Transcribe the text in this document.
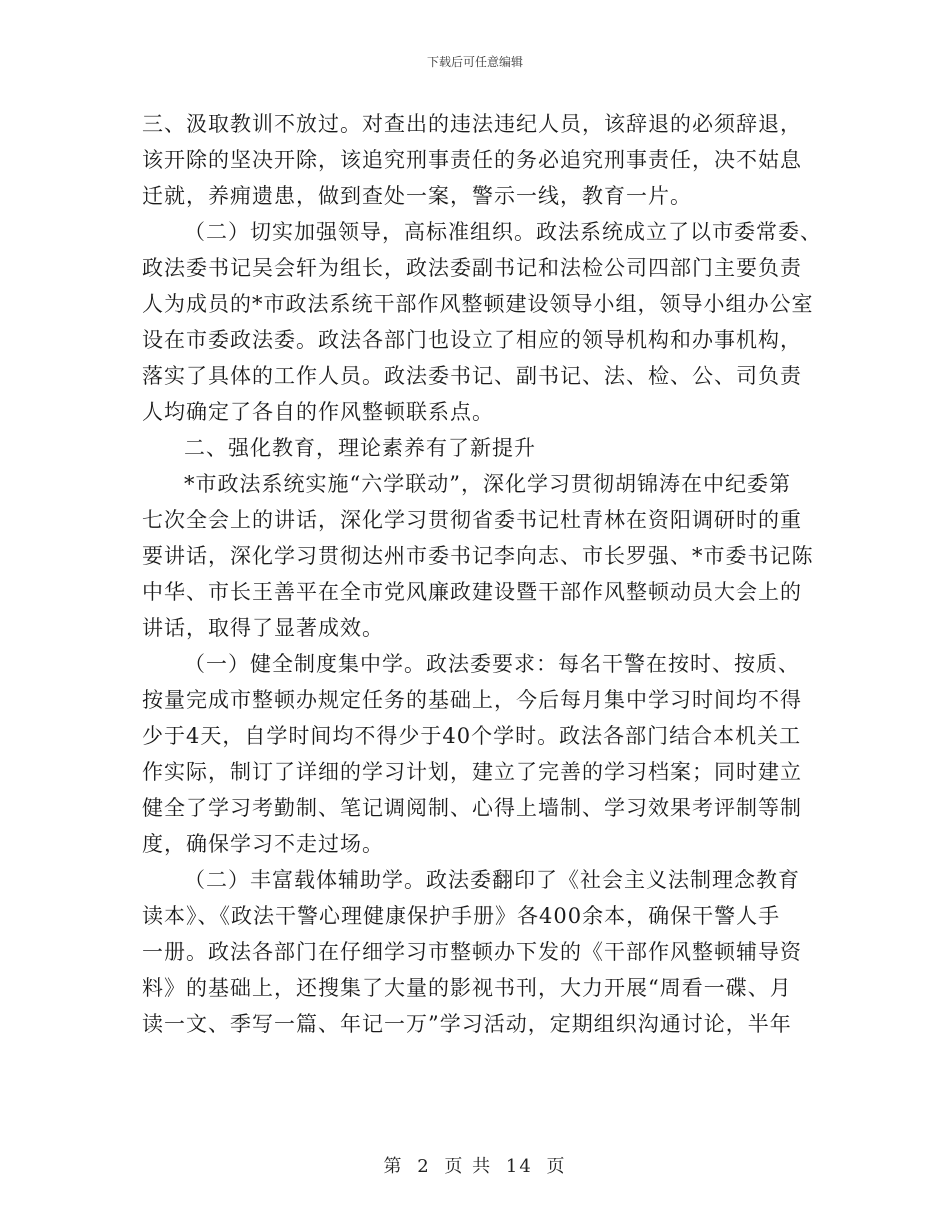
下载后可任意编辑
三、汲取教训不放过。对查出的违法违纪人员，该辞退的必须辞退，
该开除的坚决开除，该追究刑事责任的务必追究刑事责任，决不姑息
迁就，养痈遗患，做到查处一案，警示一线，教育一片。
（二）切实加强领导，高标准组织。政法系统成立了以市委常委、
政法委书记吴会轩为组长，政法委副书记和法检公司四部门主要负责
人为成员的*市政法系统干部作风整顿建设领导小组，领导小组办公室
设在市委政法委。政法各部门也设立了相应的领导机构和办事机构，
落实了具体的工作人员。政法委书记、副书记、法、检、公、司负责
人均确定了各自的作风整顿联系点。
二、强化教育，理论素养有了新提升
*市政法系统实施“六学联动”，深化学习贯彻胡锦涛在中纪委第
七次全会上的讲话，深化学习贯彻省委书记杜青林在资阳调研时的重
要讲话，深化学习贯彻达州市委书记李向志、市长罗强、*市委书记陈
中华、市长王善平在全市党风廉政建设暨干部作风整顿动员大会上的
讲话，取得了显著成效。
（一）健全制度集中学。政法委要求：每名干警在按时、按质、
按量完成市整顿办规定任务的基础上，今后每月集中学习时间均不得
少于4天，自学时间均不得少于40个学时。政法各部门结合本机关工
作实际，制订了详细的学习计划，建立了完善的学习档案；同时建立
健全了学习考勤制、笔记调阅制、心得上墙制、学习效果考评制等制
度，确保学习不走过场。
（二）丰富载体辅助学。政法委翻印了《社会主义法制理念教育
读本》、《政法干警心理健康保护手册》各400余本，确保干警人手
一册。政法各部门在仔细学习市整顿办下发的《干部作风整顿辅导资
料》的基础上，还搜集了大量的影视书刊，大力开展“周看一碟、月
读一文、季写一篇、年记一万”学习活动，定期组织沟通讨论，半年
第 2 页 共 14 页
